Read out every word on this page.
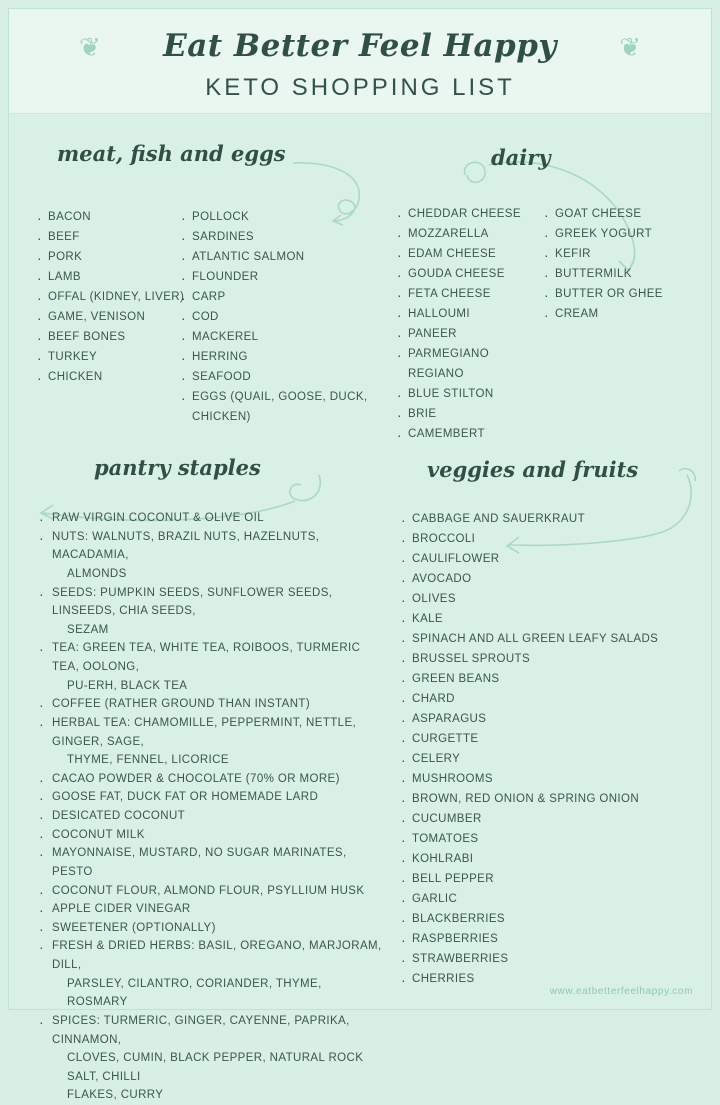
❦	❦
Eat Better Feel Happy
KETO SHOPPING LIST
meat, fish and eggs
· BACON
· BEEF
· PORK
· LAMB
· OFFAL (KIDNEY, LIVER)
· GAME, VENISON
· BEEF BONES
· TURKEY
· CHICKEN
· POLLOCK
· SARDINES
· ATLANTIC SALMON
· FLOUNDER
· CARP
· COD
· MACKEREL
· HERRING
· SEAFOOD
· EGGS (QUAIL, GOOSE, DUCK, CHICKEN)
dairy
· CHEDDAR CHEESE
· MOZZARELLA
· EDAM CHEESE
· GOUDA CHEESE
· FETA CHEESE
· HALLOUMI
· PANEER
· PARMEGIANO REGIANO
· BLUE STILTON
· BRIE
· CAMEMBERT
· GOAT CHEESE
· GREEK YOGURT
· KEFIR
· BUTTERMILK
· BUTTER OR GHEE
· CREAM
pantry staples
· RAW VIRGIN COCONUT & OLIVE OIL
· NUTS: WALNUTS, BRAZIL NUTS, HAZELNUTS, MACADAMIA,
ALMONDS
· SEEDS: PUMPKIN SEEDS, SUNFLOWER SEEDS, LINSEEDS, CHIA SEEDS,
SEZAM
· TEA: GREEN TEA, WHITE TEA, ROIBOOS, TURMERIC TEA, OOLONG,
PU-ERH, BLACK TEA
· COFFEE (RATHER GROUND THAN INSTANT)
· HERBAL TEA: CHAMOMILLE, PEPPERMINT, NETTLE, GINGER, SAGE,
THYME, FENNEL, LICORICE
· CACAO POWDER & CHOCOLATE (70% OR MORE)
· GOOSE FAT, DUCK FAT OR HOMEMADE LARD
· DESICATED COCONUT
· COCONUT MILK
· MAYONNAISE, MUSTARD, NO SUGAR MARINATES, PESTO
· COCONUT FLOUR, ALMOND FLOUR, PSYLLIUM HUSK
· APPLE CIDER VINEGAR
· SWEETENER (OPTIONALLY)
· FRESH & DRIED HERBS: BASIL, OREGANO, MARJORAM, DILL,
PARSLEY, CILANTRO, CORIANDER, THYME, ROSMARY
· SPICES: TURMERIC, GINGER, CAYENNE, PAPRIKA, CINNAMON,
CLOVES, CUMIN, BLACK PEPPER, NATURAL ROCK SALT, CHILLI
FLAKES, CURRY
veggies and fruits
· CABBAGE AND SAUERKRAUT
· BROCCOLI
· CAULIFLOWER
· AVOCADO
· OLIVES
· KALE
· SPINACH AND ALL GREEN LEAFY SALADS
· BRUSSEL SPROUTS
· GREEN BEANS
· CHARD
· ASPARAGUS
· CURGETTE
· CELERY
· MUSHROOMS
· BROWN, RED ONION & SPRING ONION
· CUCUMBER
· TOMATOES
· KOHLRABI
· BELL PEPPER
· GARLIC
· BLACKBERRIES
· RASPBERRIES
· STRAWBERRIES
· CHERRIES
www.eatbetterfeelhappy.com
